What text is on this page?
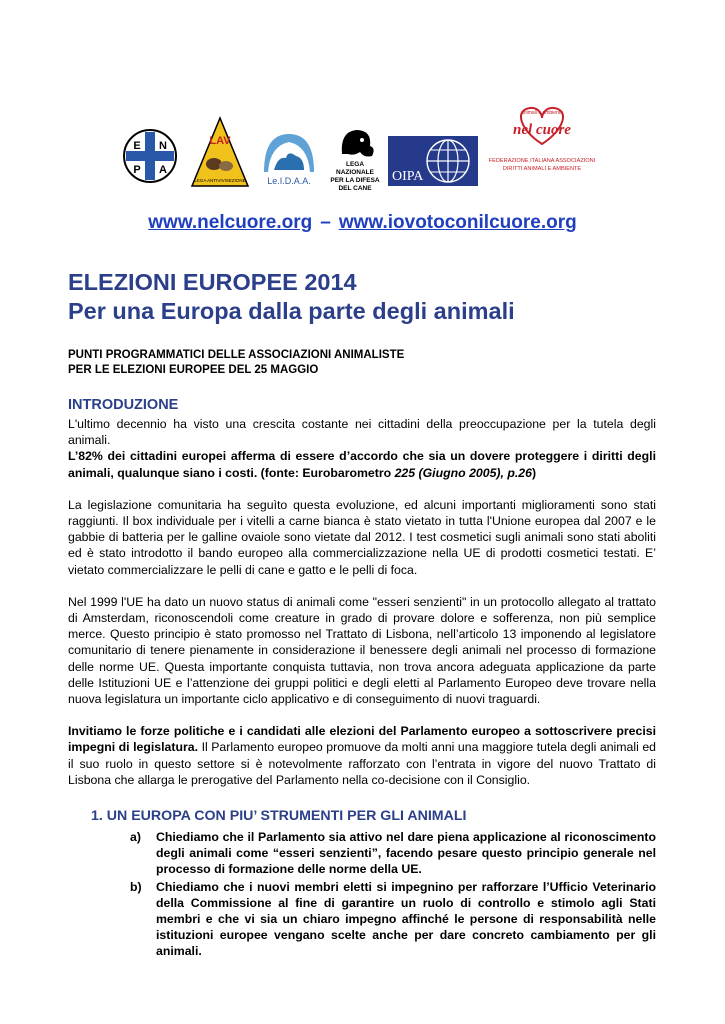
E N
P A
LAV
LEGA ANTIVIVISEZIONE Le.I.D.A.A.
LEGA
NAZIONALE
PER LA DIFESA
DEL CANE
OIPA
animali e ambiente
nel cuore
FEDERAZIONE ITALIANA ASSOCIAZIONI
DIRITTI ANIMALI E AMBIENTE
www.nelcuore.org – www.iovotoconilcuore.org
ELEZIONI EUROPEE 2014
Per una Europa dalla parte degli animali
PUNTI PROGRAMMATICI DELLE ASSOCIAZIONI ANIMALISTE
PER LE ELEZIONI EUROPEE DEL 25 MAGGIO
INTRODUZIONE

L'ultimo decennio ha visto una crescita costante nei cittadini della preoccupazione per la tutela degli animali.
L’82% dei cittadini europei afferma di essere d’accordo che sia un dovere proteggere i diritti degli animali, qualunque siano i costi. (fonte: Eurobarometro 225 (Giugno 2005), p.26)

La legislazione comunitaria ha seguìto questa evoluzione, ed alcuni importanti miglioramenti sono stati raggiunti. Il box individuale per i vitelli a carne bianca è stato vietato in tutta l'Unione europea dal 2007 e le gabbie di batteria per le galline ovaiole sono vietate dal 2012. I test cosmetici sugli animali sono stati aboliti ed è stato introdotto il bando europeo alla commercializzazione nella UE di prodotti cosmetici testati. E’ vietato commercializzare le pelli di cane e gatto e le pelli di foca.

Nel 1999 l'UE ha dato un nuovo status di animali come "esseri senzienti" in un protocollo allegato al trattato di Amsterdam, riconoscendoli come creature in grado di provare dolore e sofferenza, non più semplice merce. Questo principio è stato promosso nel Trattato di Lisbona, nell’articolo 13 imponendo al legislatore comunitario di tenere pienamente in considerazione il benessere degli animali nel processo di formazione delle norme UE. Questa importante conquista tuttavia, non trova ancora adeguata applicazione da parte delle Istituzioni UE e l’attenzione dei gruppi politici e degli eletti al Parlamento Europeo deve trovare nella nuova legislatura un importante ciclo applicativo e di conseguimento di nuovi traguardi.

Invitiamo le forze politiche e i candidati alle elezioni del Parlamento europeo a sottoscrivere precisi impegni di legislatura. Il Parlamento europeo promuove da molti anni una maggiore tutela degli animali ed il suo ruolo in questo settore si è notevolmente rafforzato con l’entrata in vigore del nuovo Trattato di Lisbona che allarga le prerogative del Parlamento nella co-decisione con il Consiglio.

1. UN EUROPA CON PIU’ STRUMENTI PER GLI ANIMALI
a) Chiediamo che il Parlamento sia attivo nel dare piena applicazione al riconoscimento degli animali come “esseri senzienti”, facendo pesare questo principio generale nel processo di formazione delle norme della UE.
b) Chiediamo che i nuovi membri eletti si impegnino per rafforzare l’Ufficio Veterinario della Commissione al fine di garantire un ruolo di controllo e stimolo agli Stati membri e che vi sia un chiaro impegno affinché le persone di responsabilità nelle istituzioni europee vengano scelte anche per dare concreto cambiamento per gli animali.
